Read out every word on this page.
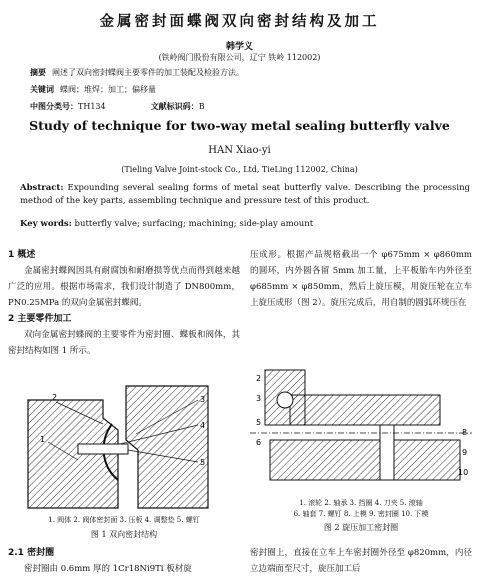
金属密封面蝶阀双向密封结构及加工
韩学义
(铁岭阀门股份有限公司，辽宁 铁岭 112002)
摘要 阐述了双向密封蝶阀主要零件的加工装配及检验方法。
关键词 蝶阀；堆焊；加工；偏移量
中图分类号：TH134	文献标识码：B
Study of technique for two-way metal sealing butterfly valve
HAN Xiao-yi
(Tieling Valve Joint-stock Co., Ltd, TieLing 112002, China)
Abstract: Expounding several sealing forms of metal seat butterfly valve. Describing the processing method of the key parts, assembling technique and pressure test of this product.
Key words: butterfly valve; surfacing; machining; side-play amount
1 概述
金属密封蝶阀因具有耐腐蚀和耐磨损等优点而得到越来越广泛的应用。根据市场需求，我们设计制造了 DN800mm，PN0.25MPa 的双向金属密封蝶阀。
2 主要零件加工
双向金属密封蝶阀的主要零件为密封圈、蝶板和阀体，其密封结构如图 1 所示。
压成形。根据产品规格截出一个 φ675mm × φ860mm 的圆环，内外圆各留 5mm 加工量，上平板胎车内外径至 φ685mm × φ850mm，然后上旋压模，用旋压轮在立车上旋压成形（图 2）。旋压完成后，用自制的圆弧环规压在
2	3
4
5
1
1. 阀体 2. 阀体密封面 3. 压板 4. 调整垫 5. 螺钉
图 1 双向密封结构
2
3
5
6
8
9
10
1. 滚轮 2. 轴承 3. 挡圈 4. 刀夹 5. 滚轴
6. 轴套 7. 螺钉 8. 上模 9. 密封圈 10. 下模
图 2 旋压加工密封圈
2.1 密封圈
密封圈由 0.6mm 厚的 1Cr18Ni9Ti 板材旋
密封圈上，直接在立车上车密封圈外径至 φ820mm，内径立边端面至尺寸，旋压加工后
